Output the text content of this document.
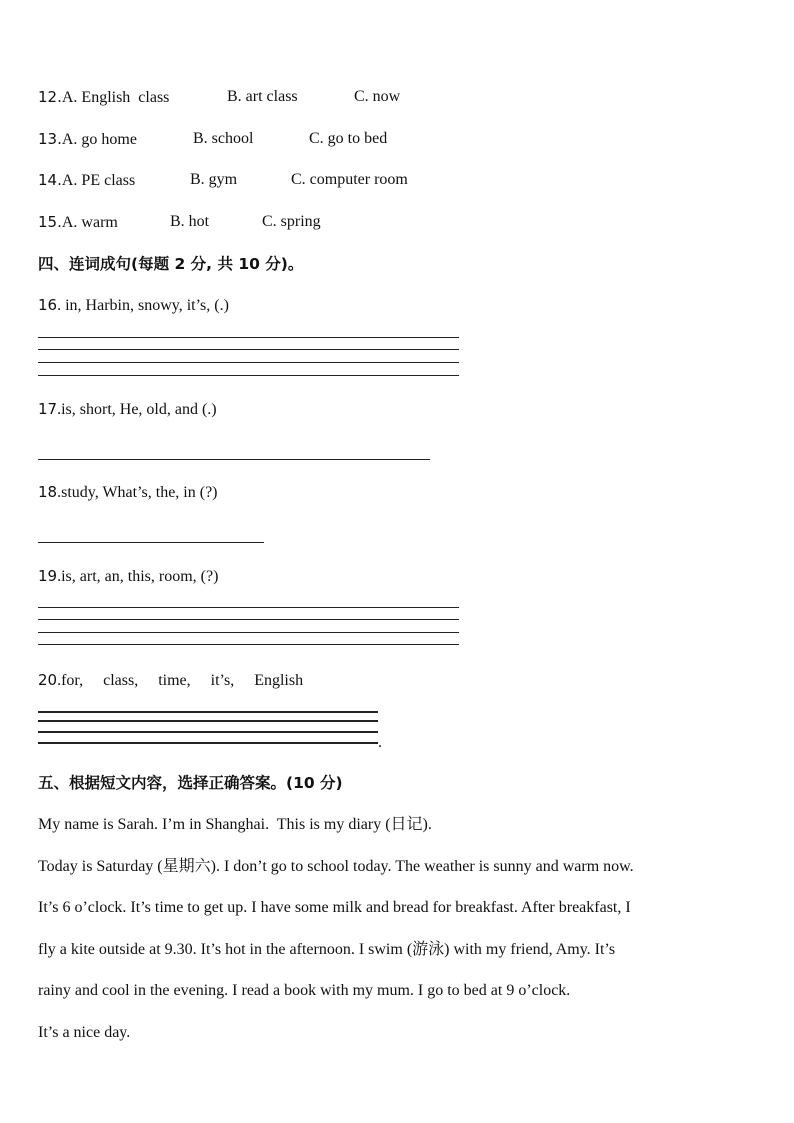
12.A. English  class	B. art class	C. now
13.A. go home	B. school	C. go to bed
14.A. PE class	B. gym	C. computer room
15.A. warm	B. hot	C. spring
四、连词成句(每题 2 分, 共 10 分)。
16. in, Harbin, snowy, it’s, (.)
17.is, short, He, old, and (.)
18.study, What’s, the, in (?)
19.is, art, an, this, room, (?)
20.for,     class,     time,     it’s,     English
.
五、根据短文内容，选择正确答案。(10 分)
My name is Sarah. I’m in Shanghai.  This is my diary (日记).
Today is Saturday (星期六). I don’t go to school today. The weather is sunny and warm now.
It’s 6 o’clock. It’s time to get up. I have some milk and bread for breakfast. After breakfast, I
fly a kite outside at 9.30. It’s hot in the afternoon. I swim (游泳) with my friend, Amy. It’s
rainy and cool in the evening. I read a book with my mum. I go to bed at 9 o’clock.
It’s a nice day.
